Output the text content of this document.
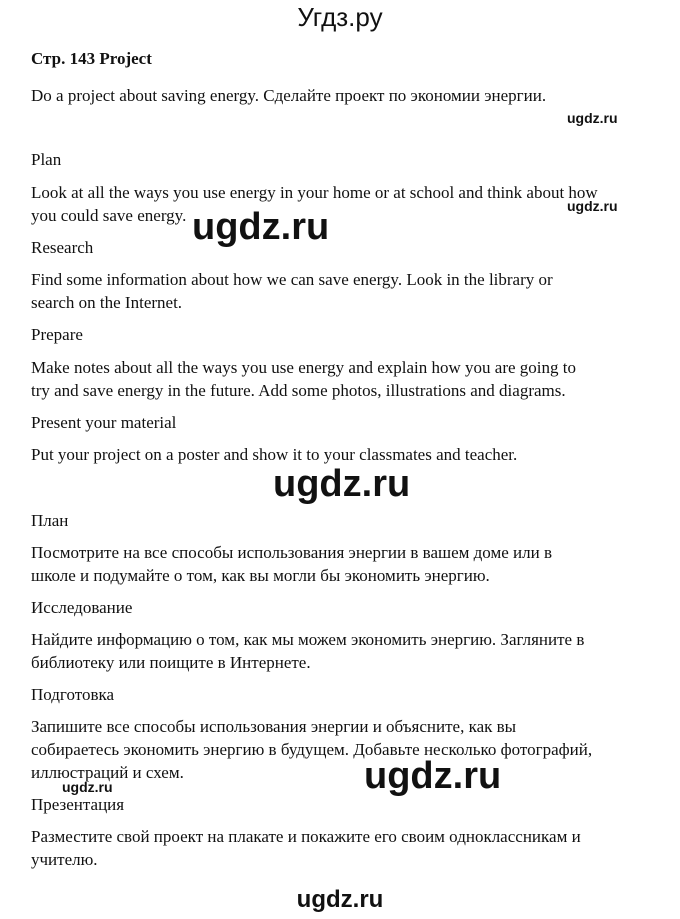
Угдз.ру
Стр. 143 Project
Do a project about saving energy. Сделайте проект по экономии энергии.
ugdz.ru
Plan
Look at all the ways you use energy in your home or at school and think about how
you could save energy.	ugdz.ru
ugdz.ru
Research
Find some information about how we can save energy. Look in the library or
search on the Internet.
Prepare
Make notes about all the ways you use energy and explain how you are going to
try and save energy in the future. Add some photos, illustrations and diagrams.
Present your material
Put your project on a poster and show it to your classmates and teacher.
ugdz.ru
План
Посмотрите на все способы использования энергии в вашем доме или в
школе и подумайте о том, как вы могли бы экономить энергию.
Исследование
Найдите информацию о том, как мы можем экономить энергию. Загляните в
библиотеку или поищите в Интернете.
Подготовка
Запишите все способы использования энергии и объясните, как вы
собираетесь экономить энергию в будущем. Добавьте несколько фотографий,
иллюстраций и схем.	ugdz.ru
ugdz.ru
Презентация
Разместите свой проект на плакате и покажите его своим одноклассникам и
учителю.
ugdz.ru
